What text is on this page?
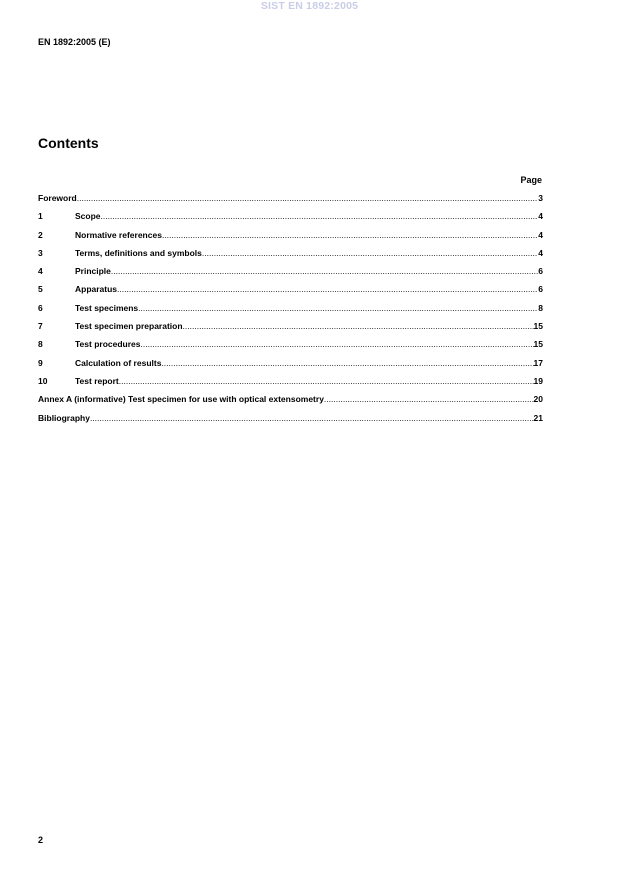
SIST EN 1892:2005
EN 1892:2005 (E)
Contents
Page
Foreword .....	3
1	Scope .....	4
2	Normative references .....	4
3	Terms, definitions and symbols .....	4
4	Principle .....	6
5	Apparatus .....	6
6	Test specimens .....	8
7	Test specimen preparation .....	15
8	Test procedures .....	15
9	Calculation of results .....	17
10	Test report .....	19
Annex A (informative) Test specimen for use with optical extensometry .....	20
Bibliography .....	21
2
